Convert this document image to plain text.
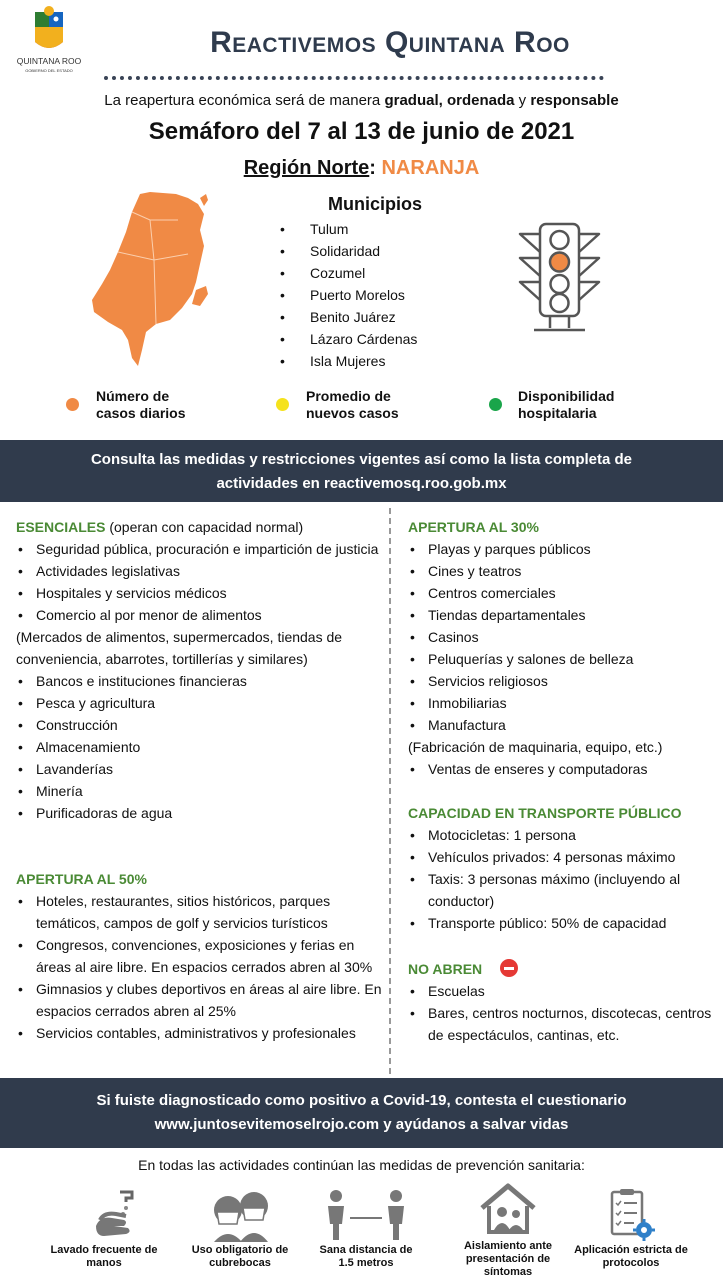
QUINTANA ROO
GOBIERNO DEL ESTADO
Reactivemos Quintana Roo
La reapertura económica será de manera gradual, ordenada y responsable
Semáforo del 7 al 13 de junio de 2021
Región Norte: NARANJA
Municipios
• Tulum
• Solidaridad
• Cozumel
• Puerto Morelos
• Benito Juárez
• Lázaro Cárdenas
• Isla Mujeres
Número de
casos diarios
Promedio de
nuevos casos
Disponibilidad
hospitalaria
Consulta las medidas y restricciones vigentes así como la lista completa de
actividades en reactivemosq.roo.gob.mx
ESENCIALES (operan con capacidad normal)
• Seguridad pública, procuración e impartición de justicia
• Actividades legislativas
• Hospitales y servicios médicos
• Comercio al por menor de alimentos
(Mercados de alimentos, supermercados, tiendas de conveniencia, abarrotes, tortillerías y similares)
• Bancos e instituciones financieras
• Pesca y agricultura
• Construcción
• Almacenamiento
• Lavanderías
• Minería
• Purificadoras de agua
APERTURA AL 50%
• Hoteles, restaurantes, sitios históricos, parques temáticos, campos de golf y servicios turísticos
• Congresos, convenciones, exposiciones y ferias en áreas al aire libre. En espacios cerrados abren al 30%
• Gimnasios y clubes deportivos en áreas al aire libre. En espacios cerrados abren al 25%
• Servicios contables, administrativos y profesionales
APERTURA AL 30%
• Playas y parques públicos
• Cines y teatros
• Centros comerciales
• Tiendas departamentales
• Casinos
• Peluquerías y salones de belleza
• Servicios religiosos
• Inmobiliarias
• Manufactura
(Fabricación de maquinaria, equipo, etc.)
• Ventas de enseres y computadoras
CAPACIDAD EN TRANSPORTE PÚBLICO
• Motocicletas: 1 persona
• Vehículos privados: 4 personas máximo
• Taxis: 3 personas máximo (incluyendo al conductor)
• Transporte público: 50% de capacidad
NO ABREN
• Escuelas
• Bares, centros nocturnos, discotecas, centros de espectáculos, cantinas, etc.
Si fuiste diagnosticado como positivo a Covid-19, contesta el cuestionario
www.juntosevitemoselrojo.com y ayúdanos a salvar vidas
En todas las actividades continúan las medidas de prevención sanitaria:
Lavado frecuente de manos
Uso obligatorio de cubrebocas
Sana distancia de 1.5 metros
Aislamiento ante presentación de síntomas
Aplicación estricta de protocolos
